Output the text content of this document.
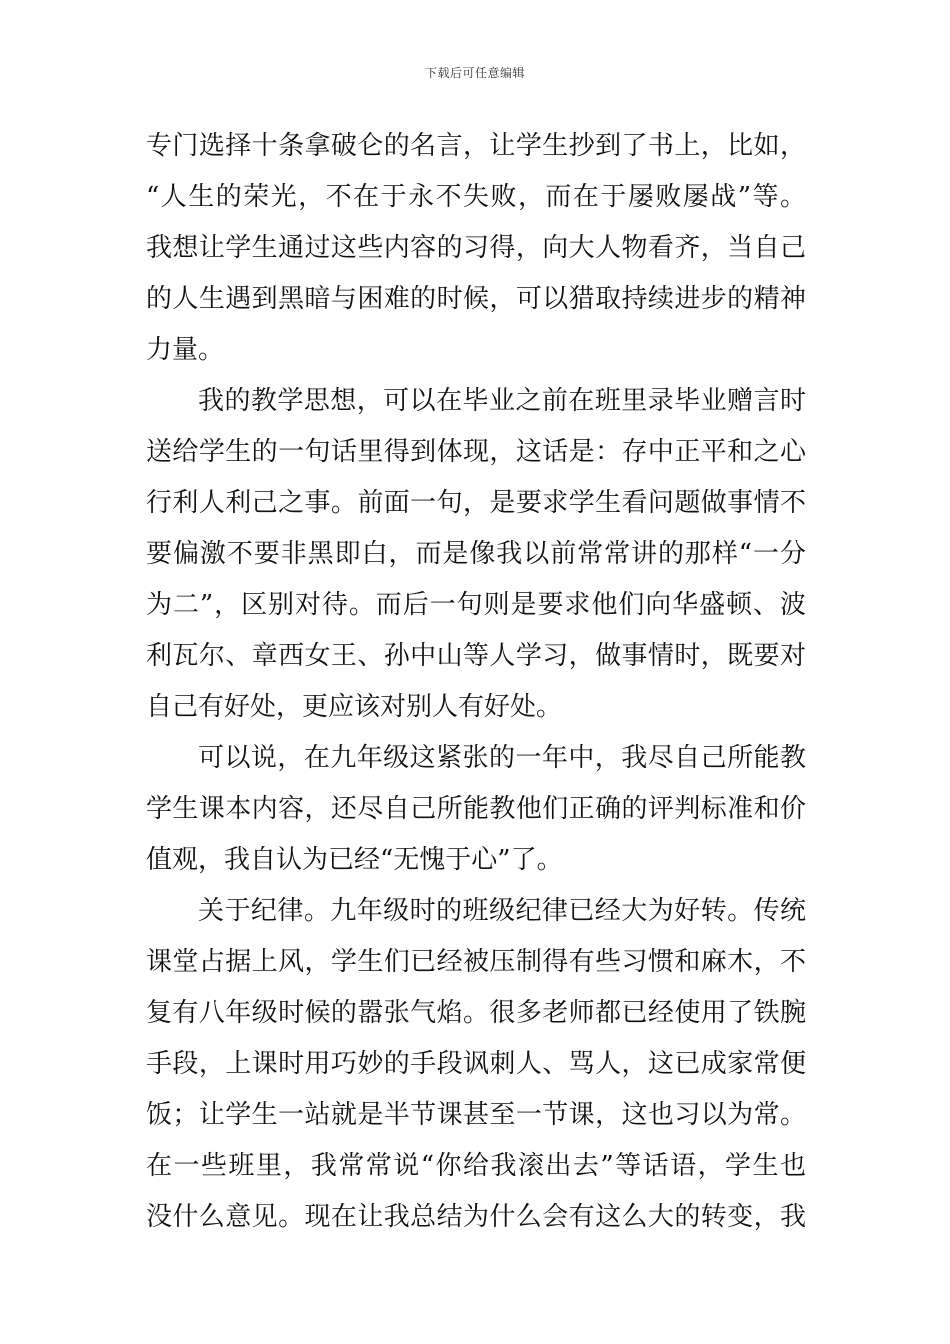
下载后可任意编辑
专门选择十条拿破仑的名言，让学生抄到了书上，比如，
“人生的荣光，不在于永不失败，而在于屡败屡战”等。
我想让学生通过这些内容的习得，向大人物看齐，当自己
的人生遇到黑暗与困难的时候，可以猎取持续进步的精神
力量。
我的教学思想，可以在毕业之前在班里录毕业赠言时
送给学生的一句话里得到体现，这话是：存中正平和之心
行利人利己之事。前面一句，是要求学生看问题做事情不
要偏激不要非黑即白，而是像我以前常常讲的那样“一分
为二”，区别对待。而后一句则是要求他们向华盛顿、波
利瓦尔、章西女王、孙中山等人学习，做事情时，既要对
自己有好处，更应该对别人有好处。
可以说，在九年级这紧张的一年中，我尽自己所能教
学生课本内容，还尽自己所能教他们正确的评判标准和价
值观，我自认为已经“无愧于心”了。
关于纪律。九年级时的班级纪律已经大为好转。传统
课堂占据上风，学生们已经被压制得有些习惯和麻木，不
复有八年级时候的嚣张气焰。很多老师都已经使用了铁腕
手段，上课时用巧妙的手段讽刺人、骂人，这已成家常便
饭；让学生一站就是半节课甚至一节课，这也习以为常。
在一些班里，我常常说“你给我滚出去”等话语，学生也
没什么意见。现在让我总结为什么会有这么大的转变，我
